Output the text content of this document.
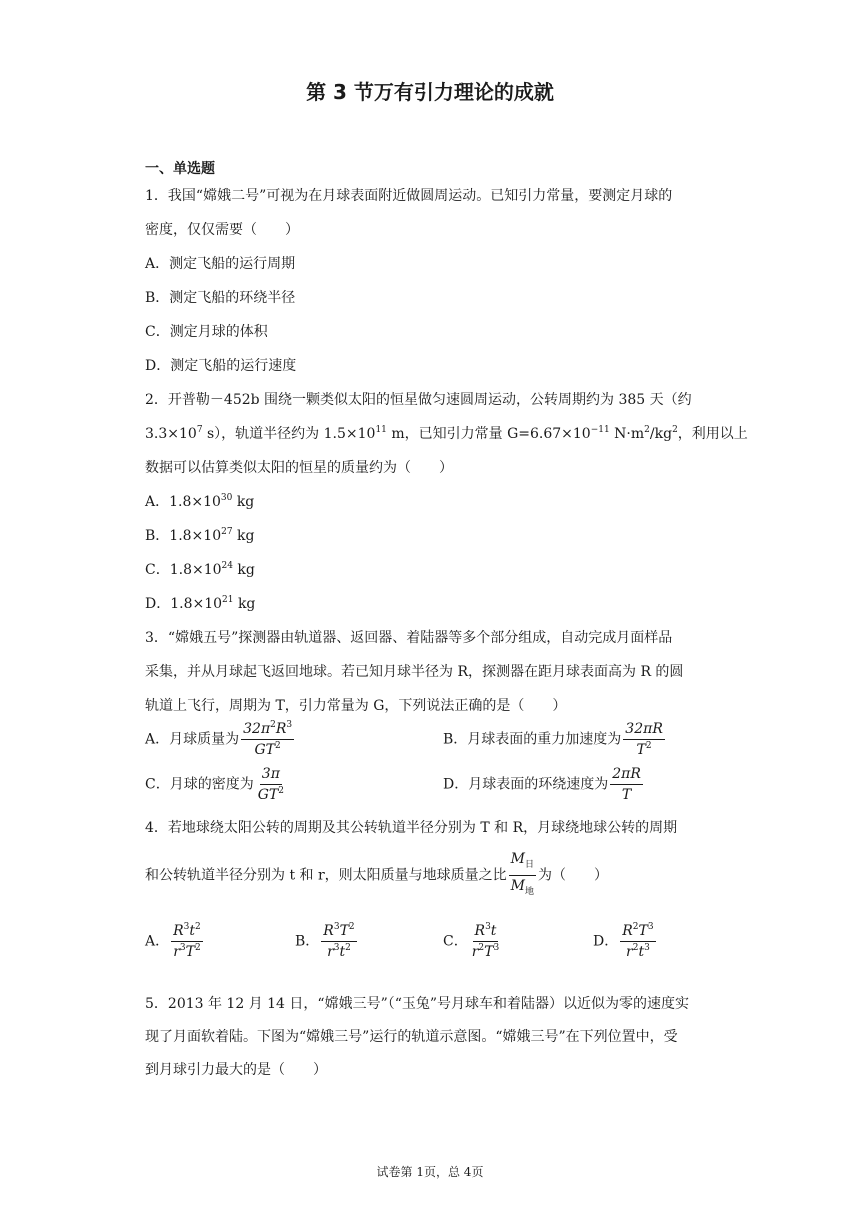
第 3 节万有引力理论的成就
一、单选题
1．我国“嫦娥二号”可视为在月球表面附近做圆周运动。已知引力常量，要测定月球的
密度，仅仅需要（　　）
A．测定飞船的运行周期
B．测定飞船的环绕半径
C．测定月球的体积
D．测定飞船的运行速度
2．开普勒－452b 围绕一颗类似太阳的恒星做匀速圆周运动，公转周期约为 385 天（约
$3.3\times 10^7$ s），轨道半径约为 $1.5\times 10^{11}$ m，已知引力常量 $G=6.67\times 10^{-11}$ $N\cdot m^2/kg^2$，利用以上
数据可以估算类似太阳的恒星的质量约为（　　）
A．$1.8\times 10^{30}$ kg
B．$1.8\times 10^{27}$ kg
C．$1.8\times 10^{24}$ kg
D．$1.8\times 10^{21}$ kg
3．“嫦娥五号”探测器由轨道器、返回器、着陆器等多个部分组成，自动完成月面样品
采集，并从月球起飞返回地球。若已知月球半径为 R，探测器在距月球表面高为 R 的圆
轨道上飞行，周期为 T，引力常量为 G，下列说法正确的是（　　）
A．月球质量为 $\frac{32\pi^2R^3}{GT^2}$	B．月球表面的重力加速度为 $\frac{32\pi R}{T^2}$
C．月球的密度为 $\frac{3\pi}{GT^2}$	D．月球表面的环绕速度为 $\frac{2\pi R}{T}$
4．若地球绕太阳公转的周期及其公转轨道半径分别为 T 和 R，月球绕地球公转的周期
和公转轨道半径分别为 t 和 r，则太阳质量与地球质量之比 $\frac{M_日}{M_地}$ 为（　　）
A． $\frac{R^3t^2}{r^3T^2}$	B． $\frac{R^3T^2}{r^3t^2}$	C． $\frac{R^3t}{r^2T^3}$	D． $\frac{R^2T^3}{r^2t^3}$
5．2013 年 12 月 14 日，“嫦娥三号”（“玉兔”号月球车和着陆器）以近似为零的速度实
现了月面软着陆。下图为“嫦娥三号”运行的轨道示意图。“嫦娥三号”在下列位置中，受
到月球引力最大的是（　　）
试卷第 1页，总 4页
